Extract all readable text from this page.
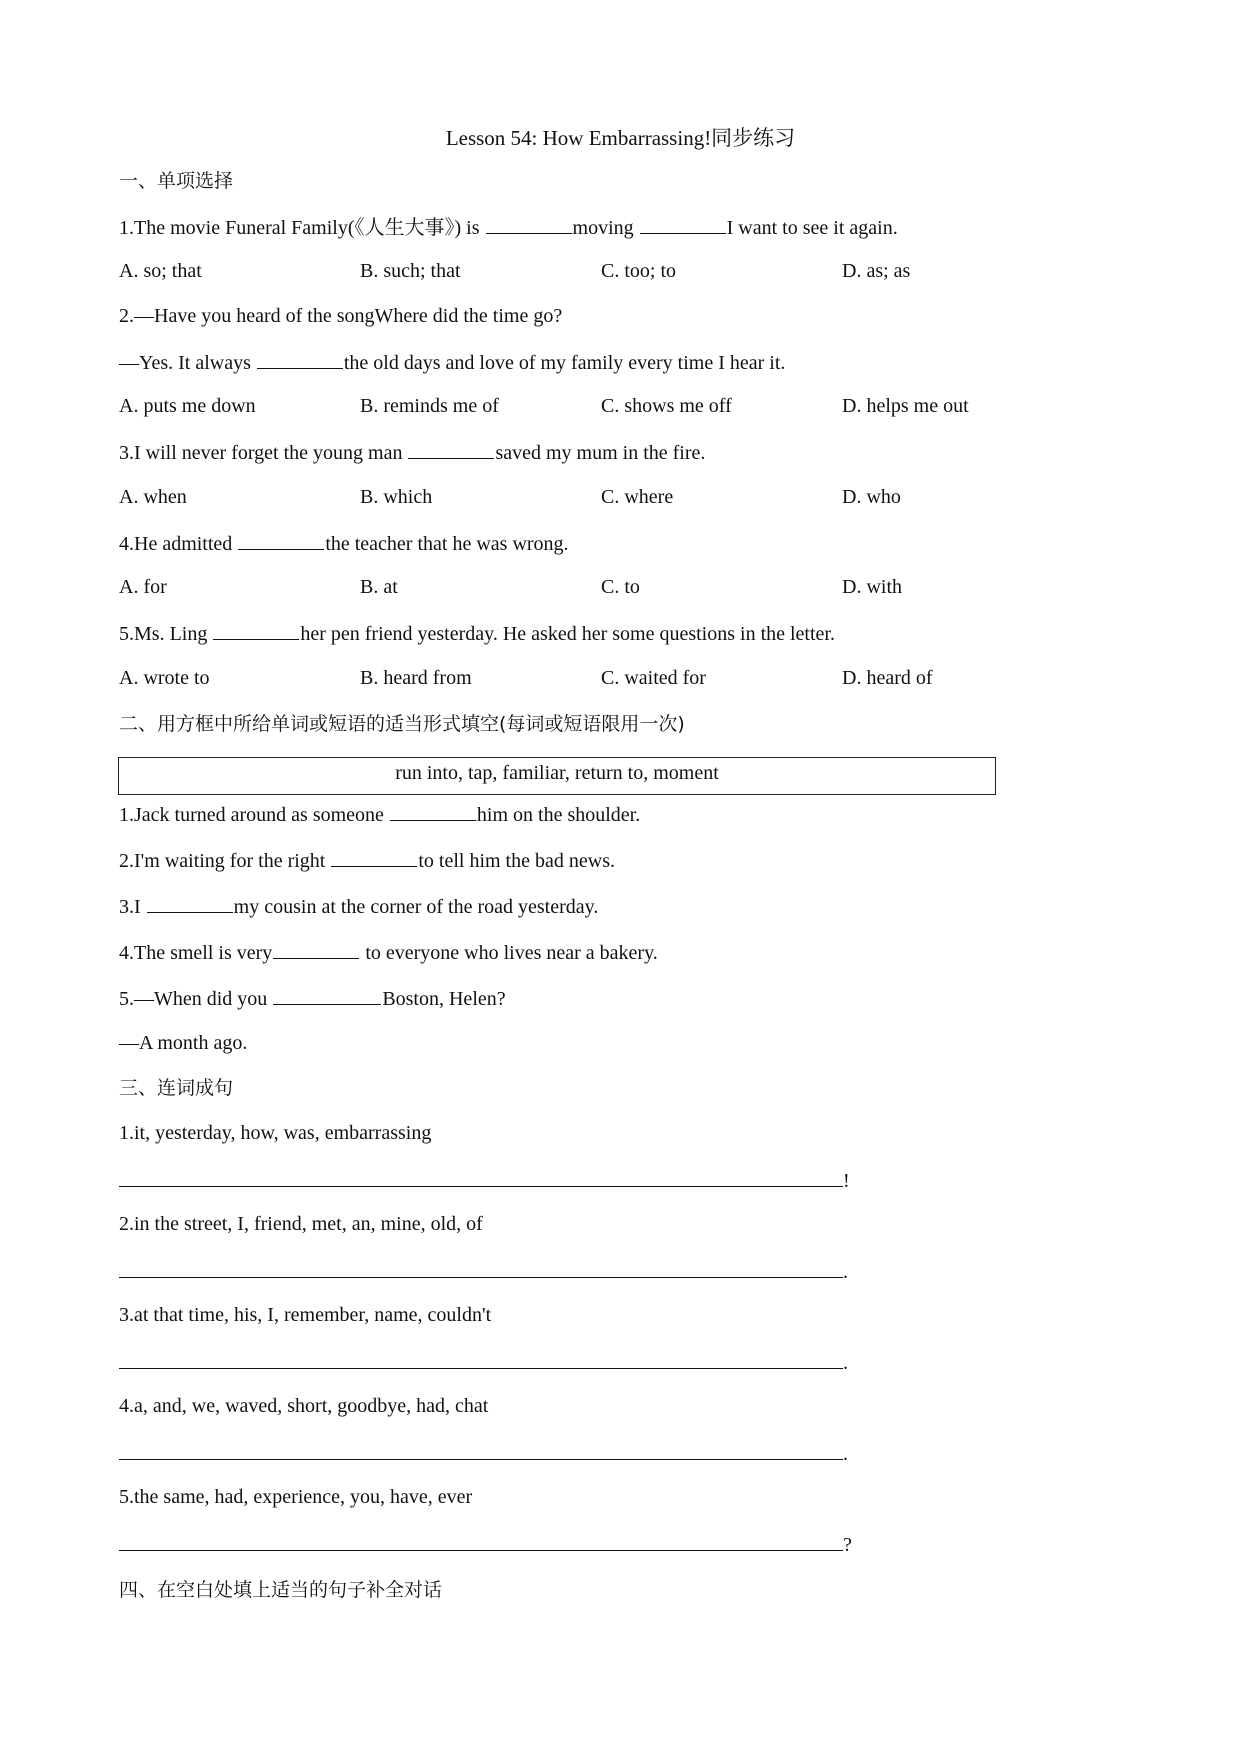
Lesson 54: How Embarrassing!同步练习
一、单项选择
1.The movie Funeral Family(《人生大事》) is	moving	I want to see it again.
A. so; that	B. such; that	C. too; to	D. as; as
2.—Have you heard of the songWhere did the time go?
—Yes. It always	the old days and love of my family every time I hear it.
A. puts me down	B. reminds me of	C. shows me off	D. helps me out
3.I will never forget the young man	saved my mum in the fire.
A. when	B. which	C. where	D. who
4.He admitted	the teacher that he was wrong.
A. for	B. at	C. to	D. with
5.Ms. Ling	her pen friend yesterday. He asked her some questions in the letter.
A. wrote to	B. heard from	C. waited for	D. heard of
二、用方框中所给单词或短语的适当形式填空(每词或短语限用一次)
run into, tap, familiar, return to, moment
1.Jack turned around as someone	him on the shoulder.
2.I'm waiting for the right	to tell him the bad news.
3.I	my cousin at the corner of the road yesterday.
4.The smell is very	to everyone who lives near a bakery.
5.—When did you	Boston, Helen?
—A month ago.
三、连词成句
1.it, yesterday, how, was, embarrassing
!
2.in the street, I, friend, met, an, mine, old, of
.
3.at that time, his, I, remember, name, couldn't
.
4.a, and, we, waved, short, goodbye, had, chat
.
5.the same, had, experience, you, have, ever
?
四、在空白处填上适当的句子补全对话
